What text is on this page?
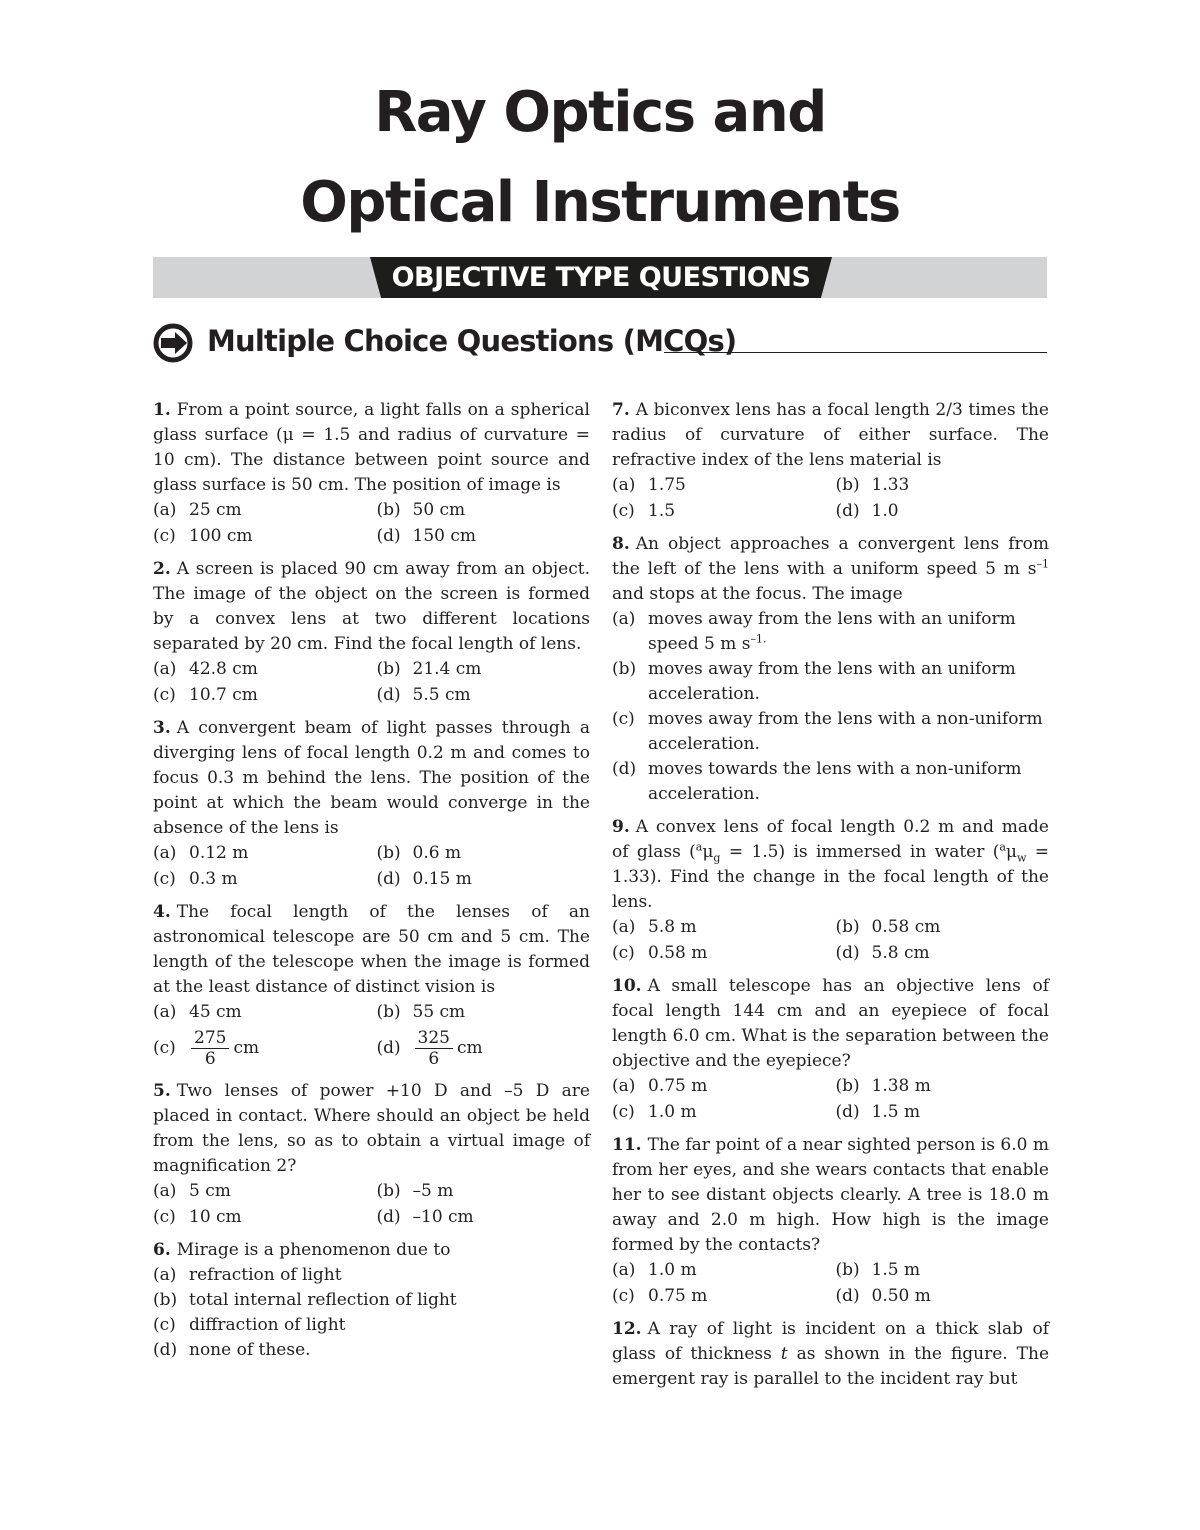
Ray Optics and
Optical Instruments
OBJECTIVE TYPE QUESTIONS
Multiple Choice Questions (MCQs)
1. From a point source, a light falls on a spherical glass surface (μ = 1.5 and radius of curvature = 10 cm). The distance between point source and glass surface is 50 cm. The position of image is
(a) 25 cm	(b) 50 cm
(c) 100 cm	(d) 150 cm
2. A screen is placed 90 cm away from an object. The image of the object on the screen is formed by a convex lens at two different locations separated by 20 cm. Find the focal length of lens.
(a) 42.8 cm	(b) 21.4 cm
(c) 10.7 cm	(d) 5.5 cm
3. A convergent beam of light passes through a diverging lens of focal length 0.2 m and comes to focus 0.3 m behind the lens. The position of the point at which the beam would converge in the absence of the lens is
(a) 0.12 m	(b) 0.6 m
(c) 0.3 m	(d) 0.15 m
4. The focal length of the lenses of an astronomical telescope are 50 cm and 5 cm. The length of the telescope when the image is formed at the least distance of distinct vision is
(a) 45 cm	(b) 55 cm
$(c) \frac{275}{6}$ cm	$(d) \frac{325}{6}$ cm
5. Two lenses of power +10 D and –5 D are placed in contact. Where should an object be held from the lens, so as to obtain a virtual image of magnification 2?
(a) 5 cm	(b) –5 m
(c) 10 cm	(d) –10 cm
6. Mirage is a phenomenon due to
(a) refraction of light
(b) total internal reflection of light
(c) diffraction of light
(d) none of these.
7. A biconvex lens has a focal length 2/3 times the radius of curvature of either surface. The refractive index of the lens material is
(a) 1.75	(b) 1.33
(c) 1.5	(d) 1.0
8. An object approaches a convergent lens from the left of the lens with a uniform speed 5 m $s^{-1}$ and stops at the focus. The image
(a) moves away from the lens with an uniform speed 5 m $s^{-1.}$
(b) moves away from the lens with an uniform acceleration.
(c) moves away from the lens with a non-uniform acceleration.
(d) moves towards the lens with a non-uniform acceleration.
9. A convex lens of focal length 0.2 m and made of glass $(^a\mu_g = 1.5)$ is immersed in water $(^a\mu_w = 1.33)$. Find the change in the focal length of the lens.
(a) 5.8 m	(b) 0.58 cm
(c) 0.58 m	(d) 5.8 cm
10. A small telescope has an objective lens of focal length 144 cm and an eyepiece of focal length 6.0 cm. What is the separation between the objective and the eyepiece?
(a) 0.75 m	(b) 1.38 m
(c) 1.0 m	(d) 1.5 m
11. The far point of a near sighted person is 6.0 m from her eyes, and she wears contacts that enable her to see distant objects clearly. A tree is 18.0 m away and 2.0 m high. How high is the image formed by the contacts?
(a) 1.0 m	(b) 1.5 m
(c) 0.75 m	(d) 0.50 m
12. A ray of light is incident on a thick slab of glass of thickness t as shown in the figure. The emergent ray is parallel to the incident ray but
